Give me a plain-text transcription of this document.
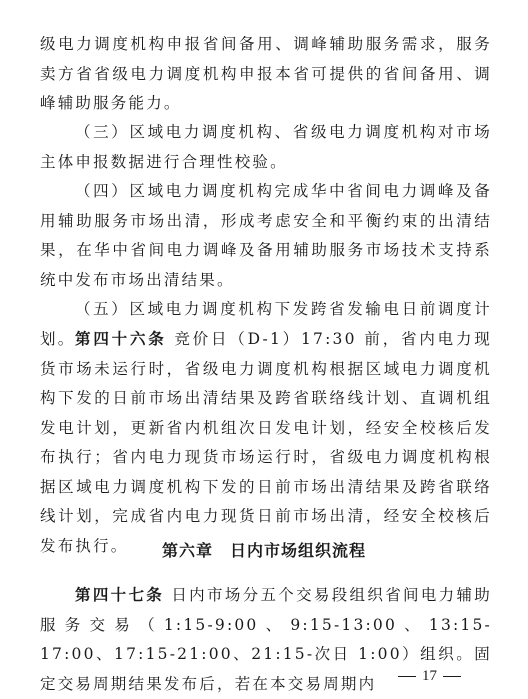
级电力调度机构申报省间备用、调峰辅助服务需求，服务卖方省省级电力调度机构申报本省可提供的省间备用、调峰辅助服务能力。

（三）区域电力调度机构、省级电力调度机构对市场主体申报数据进行合理性校验。

（四）区域电力调度机构完成华中省间电力调峰及备用辅助服务市场出清，形成考虑安全和平衡约束的出清结果，在华中省间电力调峰及备用辅助服务市场技术支持系统中发布市场出清结果。

（五）区域电力调度机构下发跨省发输电日前调度计划。 第四十六条 竞价日（D-1）17:30 前，省内电力现货市场未运行时，省级电力调度机构根据区域电力调度机构下发的日前市场出清结果及跨省联络线计划、直调机组发电计划，更新省内机组次日发电计划，经安全校核后发布执行；省内电力现货市场运行时，省级电力调度机构根据区域电力调度机构下发的日前市场出清结果及跨省联络线计划，完成省内电力现货日前市场出清，经安全校核后发布执行。	第六章　日内市场组织流程

第四十七条 日内市场分五个交易段组织省间电力辅助服务交易（1:15-9:00、9:15-13:00、13:15-17:00、17:15-21:00、21:15-次日 1:00）组织。固定交易周期结果发布后，若在本交易周期内	17
